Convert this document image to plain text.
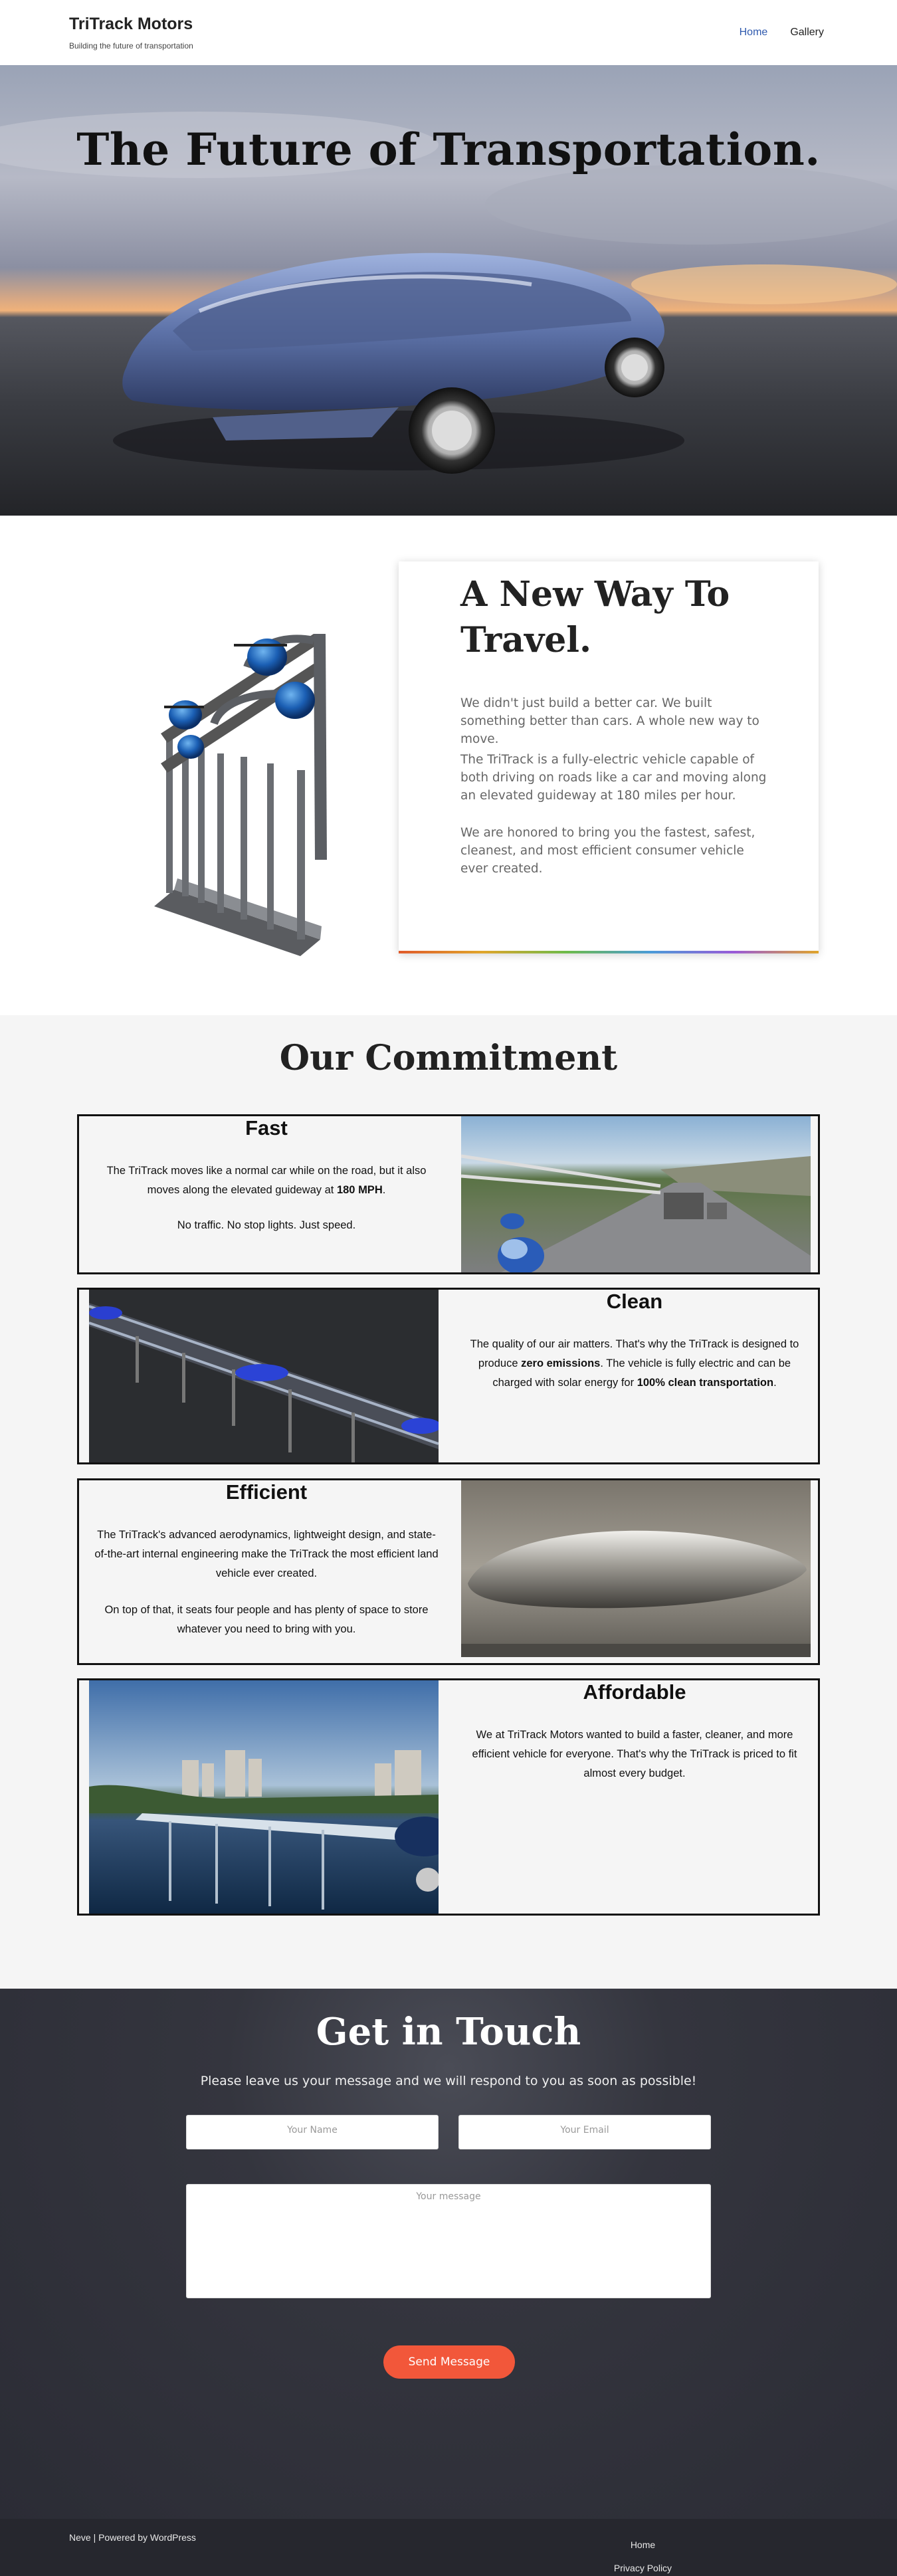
TriTrack Motors
Building the future of transportation
Home Gallery
The Future of Transportation.
A New Way To Travel.

We didn't just build a better car. We built something better than cars. A whole new way to move.

The TriTrack is a fully-electric vehicle capable of both driving on roads like a car and moving along an elevated guideway at 180 miles per hour.

We are honored to bring you the fastest, safest, cleanest, and most efficient consumer vehicle ever created.

Our Commitment
Fast
The TriTrack moves like a normal car while on the road, but it also moves along the elevated guideway at 180 MPH.
No traffic. No stop lights. Just speed.
Clean
The quality of our air matters. That's why the TriTrack is designed to produce zero emissions. The vehicle is fully electric and can be charged with solar energy for 100% clean transportation.
Efficient
The TriTrack's advanced aerodynamics, lightweight design, and state-of-the-art internal engineering make the TriTrack the most efficient land vehicle ever created.
On top of that, it seats four people and has plenty of space to store whatever you need to bring with you.
Affordable
We at TriTrack Motors wanted to build a faster, cleaner, and more efficient vehicle for everyone. That's why the TriTrack is priced to fit almost every budget.
Get in Touch

Please leave us your message and we will respond to you as soon as possible!

Your Name	Your Email
Your message
Send Message
Neve | Powered by WordPress
Home
Privacy Policy
